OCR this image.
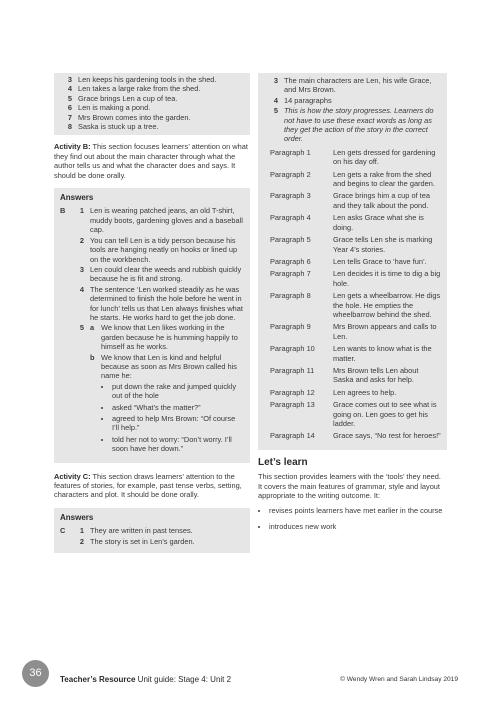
3 Len keeps his gardening tools in the shed.
4 Len takes a large rake from the shed.
5 Grace brings Len a cup of tea.
6 Len is making a pond.
7 Mrs Brown comes into the garden.
8 Saska is stuck up a tree.
Activity B: This section focuses learners’ attention on what they find out about the main character through what the author tells us and what the character does and says. It should be done orally.
Answers
B	1 Len is wearing patched jeans, an old T-shirt, muddy boots, gardening gloves and a baseball cap.
2 You can tell Len is a tidy person because his tools are hanging neatly on hooks or lined up on the workbench.
3 Len could clear the weeds and rubbish quickly because he is fit and strong.
4 The sentence ‘Len worked steadily as he was determined to finish the hole before he went in for lunch’ tells us that Len always finishes what he starts. He works hard to get the job done.
5 a We know that Len likes working in the garden because he is humming happily to himself as he works.
b We know that Len is kind and helpful because as soon as Mrs Brown called his name he:
• put down the rake and jumped quickly out of the hole
• asked “What’s the matter?”
• agreed to help Mrs Brown: “Of course I’ll help.”
• told her not to worry: “Don’t worry. I’ll soon have her down.”
Activity C: This section draws learners’ attention to the features of stories, for example, past tense verbs, setting, characters and plot. It should be done orally.
Answers
C	1 They are written in past tenses.
2 The story is set in Len’s garden.
3 The main characters are Len, his wife Grace, and Mrs Brown.
4 14 paragraphs
5 This is how the story progresses. Learners do not have to use these exact words as long as they get the action of the story in the correct order.
Paragraph 1	Len gets dressed for gardening on his day off.
Paragraph 2	Len gets a rake from the shed and begins to clear the garden.
Paragraph 3	Grace brings him a cup of tea and they talk about the pond.
Paragraph 4	Len asks Grace what she is doing.
Paragraph 5	Grace tells Len she is marking Year 4’s stories.
Paragraph 6	Len tells Grace to ‘have fun’.
Paragraph 7	Len decides it is time to dig a big hole.
Paragraph 8	Len gets a wheelbarrow. He digs the hole. He empties the wheelbarrow behind the shed.
Paragraph 9	Mrs Brown appears and calls to Len.
Paragraph 10	Len wants to know what is the matter.
Paragraph 11	Mrs Brown tells Len about Saska and asks for help.
Paragraph 12	Len agrees to help.
Paragraph 13	Grace comes out to see what is going on. Len goes to get his ladder.
Paragraph 14	Grace says, “No rest for heroes!”
Let’s learn

This section provides learners with the ‘tools’ they need. It covers the main features of grammar, style and layout appropriate to the writing outcome. It:

• revises points learners have met earlier in the course
• introduces new work
36
Teacher’s Resource Unit guide: Stage 4: Unit 2	© Wendy Wren and Sarah Lindsay 2019
